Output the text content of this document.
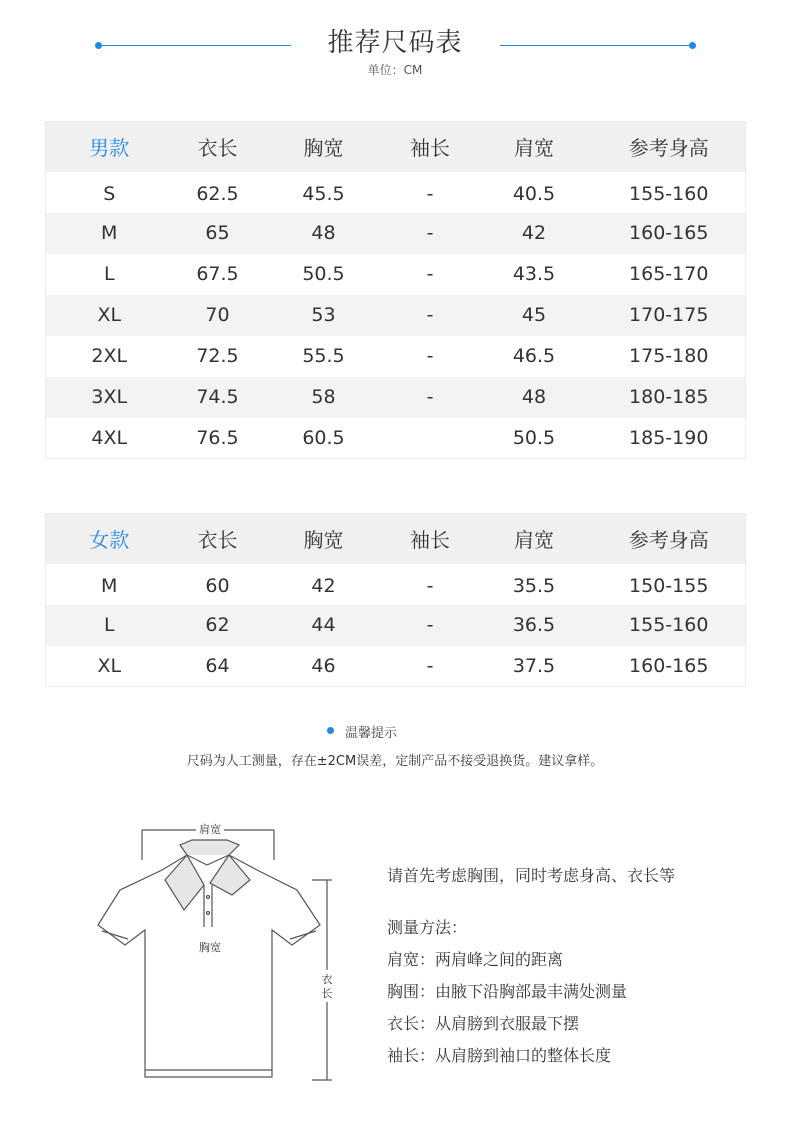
推荐尺码表
单位：CM
男款	衣长	胸宽	袖长	肩宽	参考身高
S	62.5	45.5	-	40.5	155-160
M	65	48	-	42	160-165
L	67.5	50.5	-	43.5	165-170
XL	70	53	-	45	170-175
2XL	72.5	55.5	-	46.5	175-180
3XL	74.5	58	-	48	180-185
4XL	76.5	60.5		50.5	185-190
女款	衣长	胸宽	袖长	肩宽	参考身高
M	60	42	-	35.5	150-155
L	62	44	-	36.5	155-160
XL	64	46	-	37.5	160-165
温馨提示
尺码为人工测量，存在±2CM误差，定制产品不接受退换货。建议拿样。
肩宽
胸宽
衣
长
请首先考虑胸围，同时考虑身高、衣长等
测量方法：
肩宽：两肩峰之间的距离
胸围：由腋下沿胸部最丰满处测量
衣长：从肩膀到衣服最下摆
袖长：从肩膀到袖口的整体长度
